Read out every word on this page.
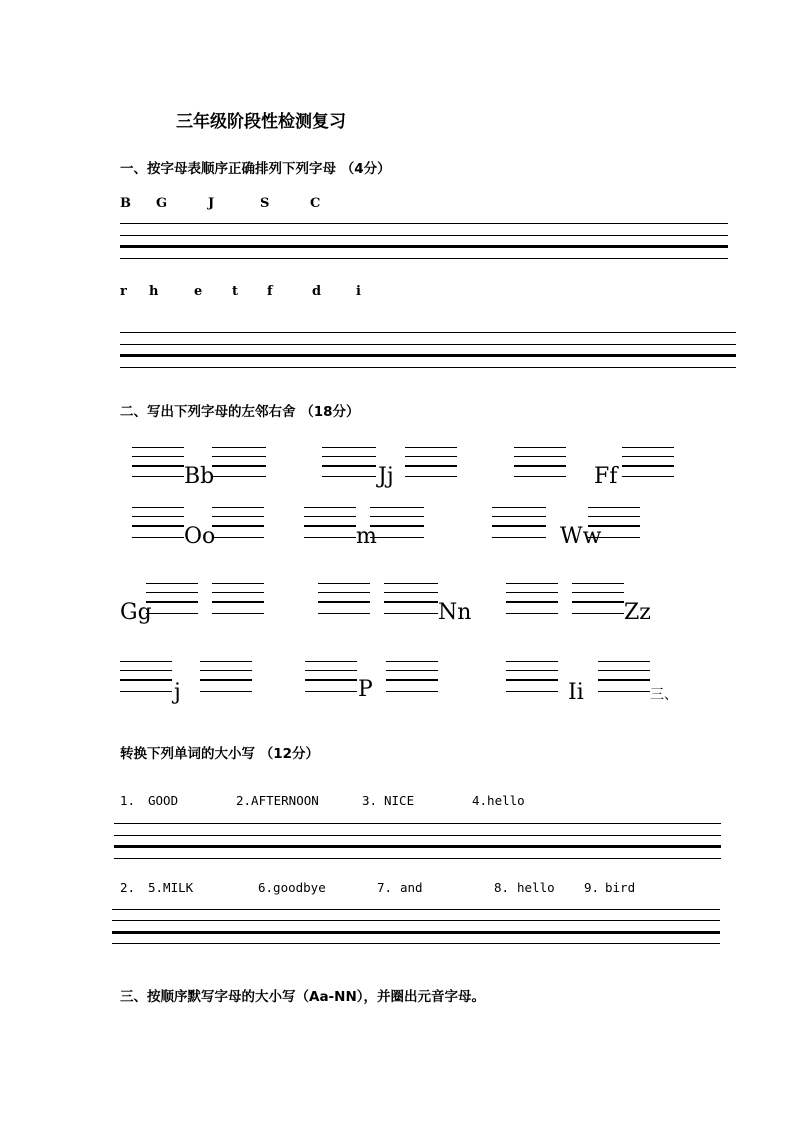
三年级阶段性检测复习
一、按字母表顺序正确排列下列字母 （4分）
B G	J	S	C
r h	e t f	d	i
二、写出下列字母的左邻右舍 （18分）
Bb	Jj	Ff
Oo	m	Ww
Gg	Nn	Zz
j	P	Ii	三、
转换下列单词的大小写 （12分）
1. GOOD	2.AFTERNOON	3. NICE	4.hello
2. 5.MILK	6.goodbye	7. and	8. hello 9. bird
三、按顺序默写字母的大小写（Aa-NN），并圈出元音字母。
